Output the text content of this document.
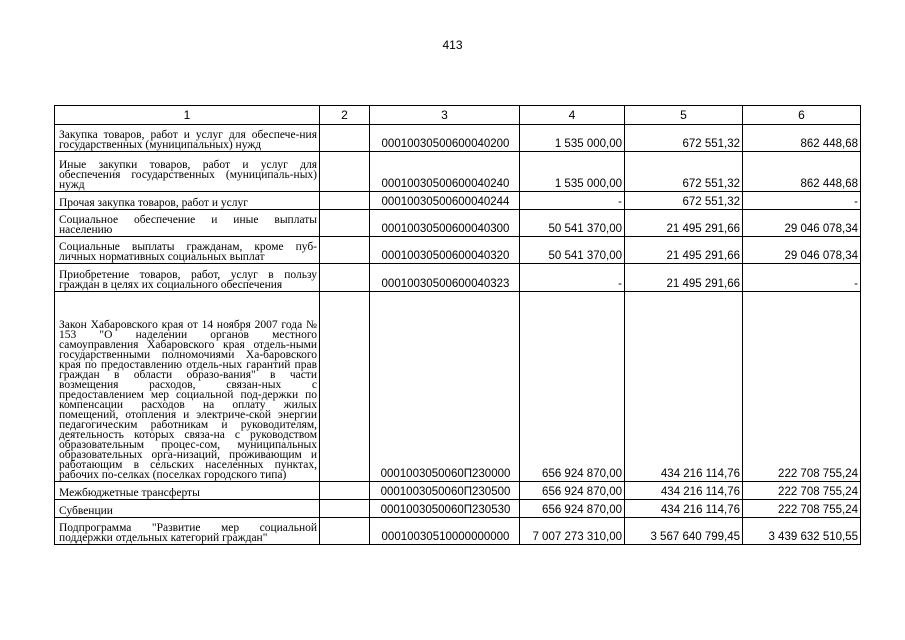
413
1	2	3	4	5	6
Закупка товаров, работ и услуг для обеспече-ния государственных (муниципальных) нужд		00010030500600040200	1 535 000,00	672 551,32	862 448,68
Иные закупки товаров, работ и услуг для обеспечения государственных (муниципаль-ных) нужд		00010030500600040240	1 535 000,00	672 551,32	862 448,68
Прочая закупка товаров, работ и услуг		00010030500600040244	-	672 551,32	-
Социальное обеспечение и иные выплаты населению		00010030500600040300	50 541 370,00	21 495 291,66	29 046 078,34
Социальные выплаты гражданам, кроме пуб-личных нормативных социальных выплат		00010030500600040320	50 541 370,00	21 495 291,66	29 046 078,34
Приобретение товаров, работ, услуг в пользу граждан в целях их социального обеспечения		00010030500600040323	-	21 495 291,66	-
Закон Хабаровского края от 14 ноября 2007 года № 153 "О наделении органов местного самоуправления Хабаровского края отдель-ными государственными полномочиями Ха-баровского края по предоставлению отдель-ных гарантий прав граждан в области образо-вания" в части возмещения расходов, связан-ных с предоставлением мер социальной под-держки по компенсации расходов на оплату жилых помещений, отопления и электриче-ской энергии педагогическим работникам и руководителям, деятельность которых связа-на с руководством образовательным процес-сом, муниципальных образовательных орга-низаций, проживающим и работающим в сельских населенных пунктах, рабочих по-селках (поселках городского типа)		0001003050060П230000	656 924 870,00	434 216 114,76	222 708 755,24
Межбюджетные трансферты		0001003050060П230500	656 924 870,00	434 216 114,76	222 708 755,24
Субвенции		0001003050060П230530	656 924 870,00	434 216 114,76	222 708 755,24
Подпрограмма "Развитие мер социальной поддержки отдельных категорий граждан"		00010030510000000000	7 007 273 310,00	3 567 640 799,45	3 439 632 510,55
